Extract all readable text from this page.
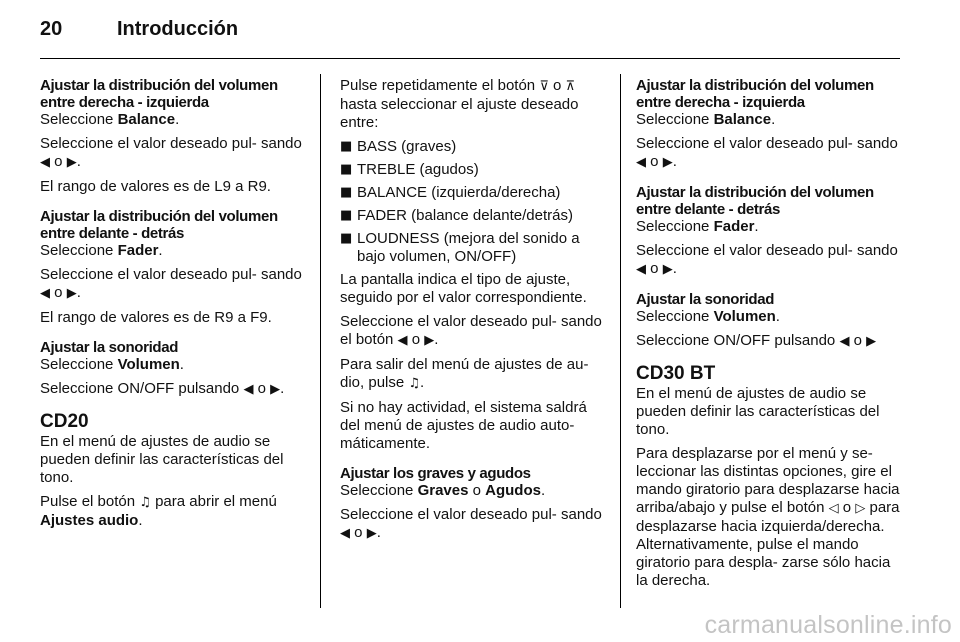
20	Introducción
Ajustar la distribución del volumen entre derecha - izquierda

Seleccione Balance.

Seleccione el valor deseado pul- sando ◀ o ▶.

El rango de valores es de L9 a R9.

Ajustar la distribución del volumen entre delante - detrás

Seleccione Fader.

Seleccione el valor deseado pul- sando ◀ o ▶.

El rango de valores es de R9 a F9.

Ajustar la sonoridad

Seleccione Volumen.

Seleccione ON/OFF pulsando ◀ o ▶.

CD20

En el menú de ajustes de audio se pueden definir las características del tono.

Pulse el botón ♫ para abrir el menú
Ajustes audio.

Pulse repetidamente el botón ⊽ o ⊼ hasta seleccionar el ajuste deseado entre:

■ BASS (graves)
■ TREBLE (agudos)
■ BALANCE (izquierda/derecha)
■ FADER (balance delante/detrás)
■ LOUDNESS (mejora del sonido a bajo volumen, ON/OFF)

La pantalla indica el tipo de ajuste, seguido por el valor correspondiente.

Seleccione el valor deseado pul- sando el botón ◀ o ▶.

Para salir del menú de ajustes de au- dio, pulse ♫.

Si no hay actividad, el sistema saldrá del menú de ajustes de audio auto- máticamente.

Ajustar los graves y agudos

Seleccione Graves o Agudos.

Seleccione el valor deseado pul- sando ◀ o ▶.

Ajustar la distribución del volumen entre derecha - izquierda

Seleccione Balance.

Seleccione el valor deseado pul- sando ◀ o ▶.

Ajustar la distribución del volumen entre delante - detrás

Seleccione Fader.

Seleccione el valor deseado pul- sando ◀ o ▶.

Ajustar la sonoridad

Seleccione Volumen.

Seleccione ON/OFF pulsando ◀ o ▶

CD30 BT

En el menú de ajustes de audio se pueden definir las características del tono.

Para desplazarse por el menú y se- leccionar las distintas opciones, gire el mando giratorio para desplazarse hacia arriba/abajo y pulse el botón ◁ o ▷ para desplazarse hacia izquierda/derecha. Alternativamente, pulse el mando giratorio para despla- zarse sólo hacia la derecha.

carmanualsonline.info
